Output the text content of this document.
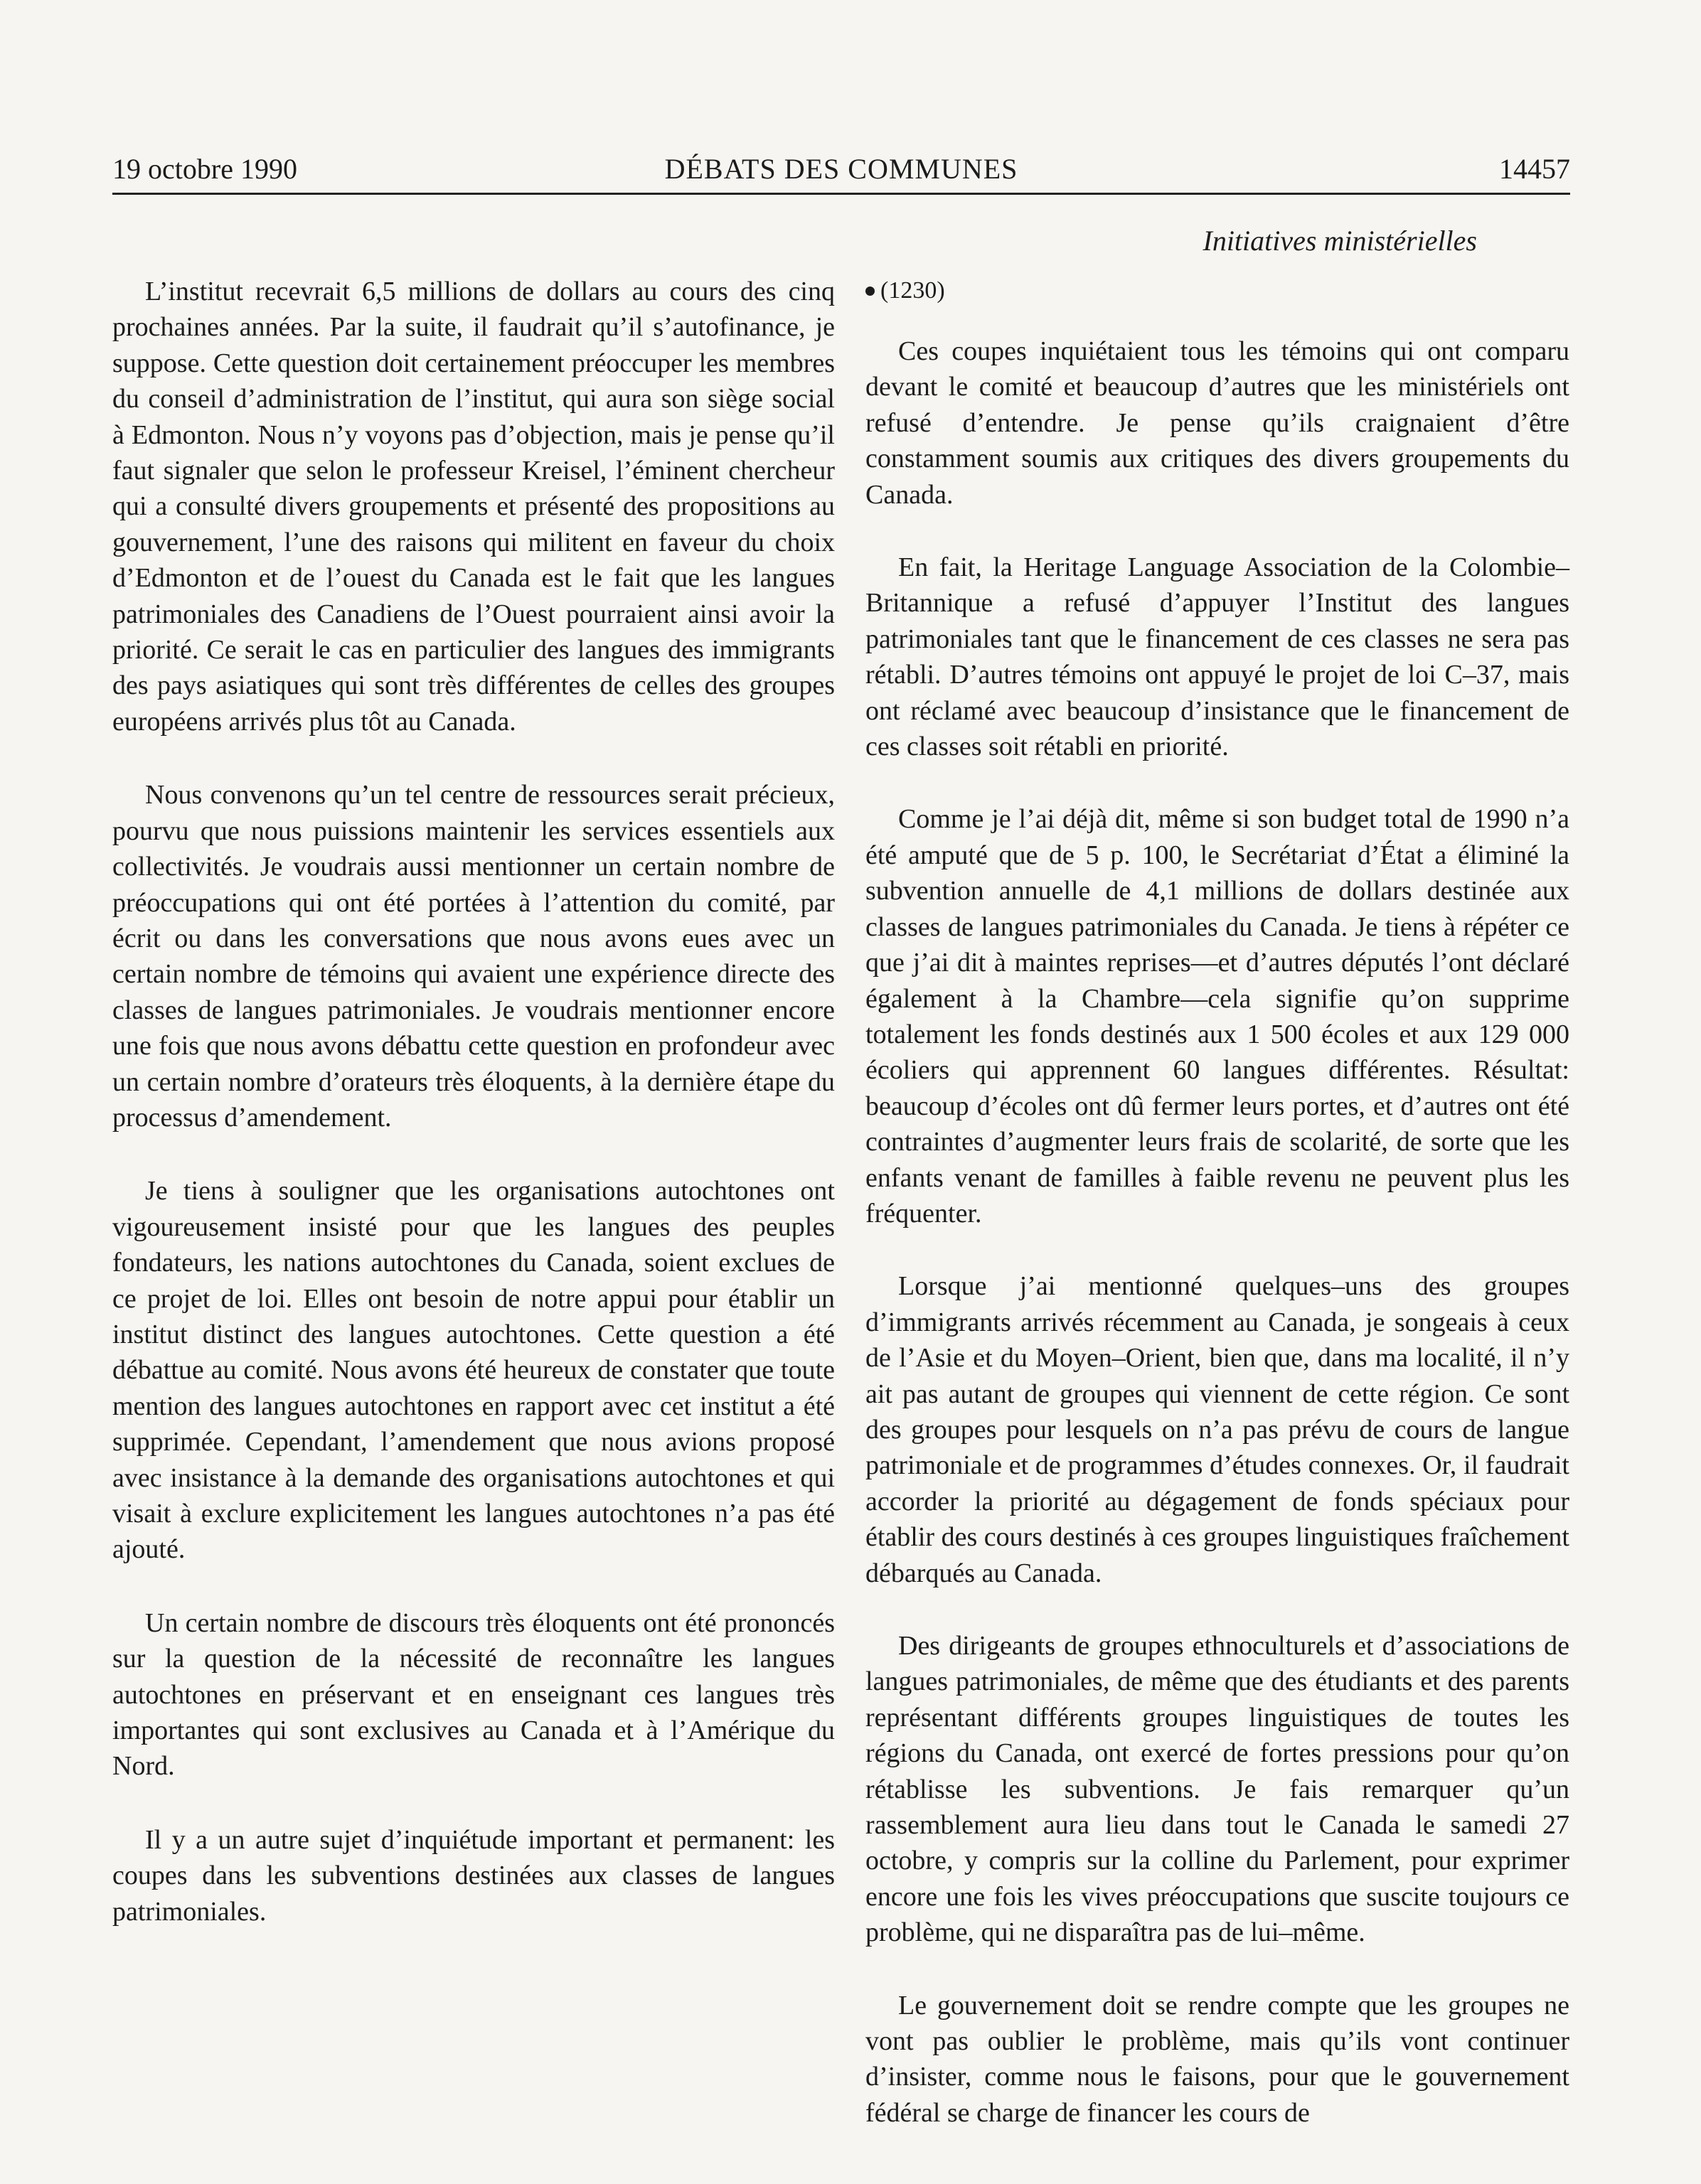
19 octobre 1990	DÉBATS DES COMMUNES	14457
Initiatives ministérielles

L’institut recevrait 6,5 millions de dollars au cours des cinq prochaines années. Par la suite, il faudrait qu’il s’autofinance, je suppose. Cette question doit certainement préoccuper les membres du conseil d’administration de l’institut, qui aura son siège social à Edmonton. Nous n’y voyons pas d’objection, mais je pense qu’il faut signaler que selon le professeur Kreisel, l’éminent chercheur qui a consulté divers groupements et présenté des propositions au gouvernement, l’une des raisons qui militent en faveur du choix d’Edmonton et de l’ouest du Canada est le fait que les langues patrimoniales des Canadiens de l’Ouest pourraient ainsi avoir la priorité. Ce serait le cas en particulier des langues des immigrants des pays asiatiques qui sont très différentes de celles des groupes européens arrivés plus tôt au Canada.

Nous convenons qu’un tel centre de ressources serait précieux, pourvu que nous puissions maintenir les services essentiels aux collectivités. Je voudrais aussi mentionner un certain nombre de préoccupations qui ont été portées à l’attention du comité, par écrit ou dans les conversations que nous avons eues avec un certain nombre de témoins qui avaient une expérience directe des classes de langues patrimoniales. Je voudrais mentionner encore une fois que nous avons débattu cette question en profondeur avec un certain nombre d’orateurs très éloquents, à la dernière étape du processus d’amendement.

Je tiens à souligner que les organisations autochtones ont vigoureusement insisté pour que les langues des peuples fondateurs, les nations autochtones du Canada, soient exclues de ce projet de loi. Elles ont besoin de notre appui pour établir un institut distinct des langues autochtones. Cette question a été débattue au comité. Nous avons été heureux de constater que toute mention des langues autochtones en rapport avec cet institut a été supprimée. Cependant, l’amendement que nous avions proposé avec insistance à la demande des organisations autochtones et qui visait à exclure explicitement les langues autochtones n’a pas été ajouté.

Un certain nombre de discours très éloquents ont été prononcés sur la question de la nécessité de reconnaître les langues autochtones en préservant et en enseignant ces langues très importantes qui sont exclusives au Canada et à l’Amérique du Nord.

Il y a un autre sujet d’inquiétude important et permanent: les coupes dans les subventions destinées aux classes de langues patrimoniales.

(1230)

Ces coupes inquiétaient tous les témoins qui ont comparu devant le comité et beaucoup d’autres que les ministériels ont refusé d’entendre. Je pense qu’ils craignaient d’être constamment soumis aux critiques des divers groupements du Canada.

En fait, la Heritage Language Association de la Colombie–Britannique a refusé d’appuyer l’Institut des langues patrimoniales tant que le financement de ces classes ne sera pas rétabli. D’autres témoins ont appuyé le projet de loi C–37, mais ont réclamé avec beaucoup d’insistance que le financement de ces classes soit rétabli en priorité.

Comme je l’ai déjà dit, même si son budget total de 1990 n’a été amputé que de 5 p. 100, le Secrétariat d’État a éliminé la subvention annuelle de 4,1 millions de dollars destinée aux classes de langues patrimoniales du Canada. Je tiens à répéter ce que j’ai dit à maintes reprises—et d’autres députés l’ont déclaré également à la Chambre—cela signifie qu’on supprime totalement les fonds destinés aux 1 500 écoles et aux 129 000 écoliers qui apprennent 60 langues différentes. Résultat: beaucoup d’écoles ont dû fermer leurs portes, et d’autres ont été contraintes d’augmenter leurs frais de scolarité, de sorte que les enfants venant de familles à faible revenu ne peuvent plus les fréquenter.

Lorsque j’ai mentionné quelques–uns des groupes d’immigrants arrivés récemment au Canada, je songeais à ceux de l’Asie et du Moyen–Orient, bien que, dans ma localité, il n’y ait pas autant de groupes qui viennent de cette région. Ce sont des groupes pour lesquels on n’a pas prévu de cours de langue patrimoniale et de programmes d’études connexes. Or, il faudrait accorder la priorité au dégagement de fonds spéciaux pour établir des cours destinés à ces groupes linguistiques fraîchement débarqués au Canada.

Des dirigeants de groupes ethnoculturels et d’associations de langues patrimoniales, de même que des étudiants et des parents représentant différents groupes linguistiques de toutes les régions du Canada, ont exercé de fortes pressions pour qu’on rétablisse les subventions. Je fais remarquer qu’un rassemblement aura lieu dans tout le Canada le samedi 27 octobre, y compris sur la colline du Parlement, pour exprimer encore une fois les vives préoccupations que suscite toujours ce problème, qui ne disparaîtra pas de lui–même.

Le gouvernement doit se rendre compte que les groupes ne vont pas oublier le problème, mais qu’ils vont continuer d’insister, comme nous le faisons, pour que le gouvernement fédéral se charge de financer les cours de
